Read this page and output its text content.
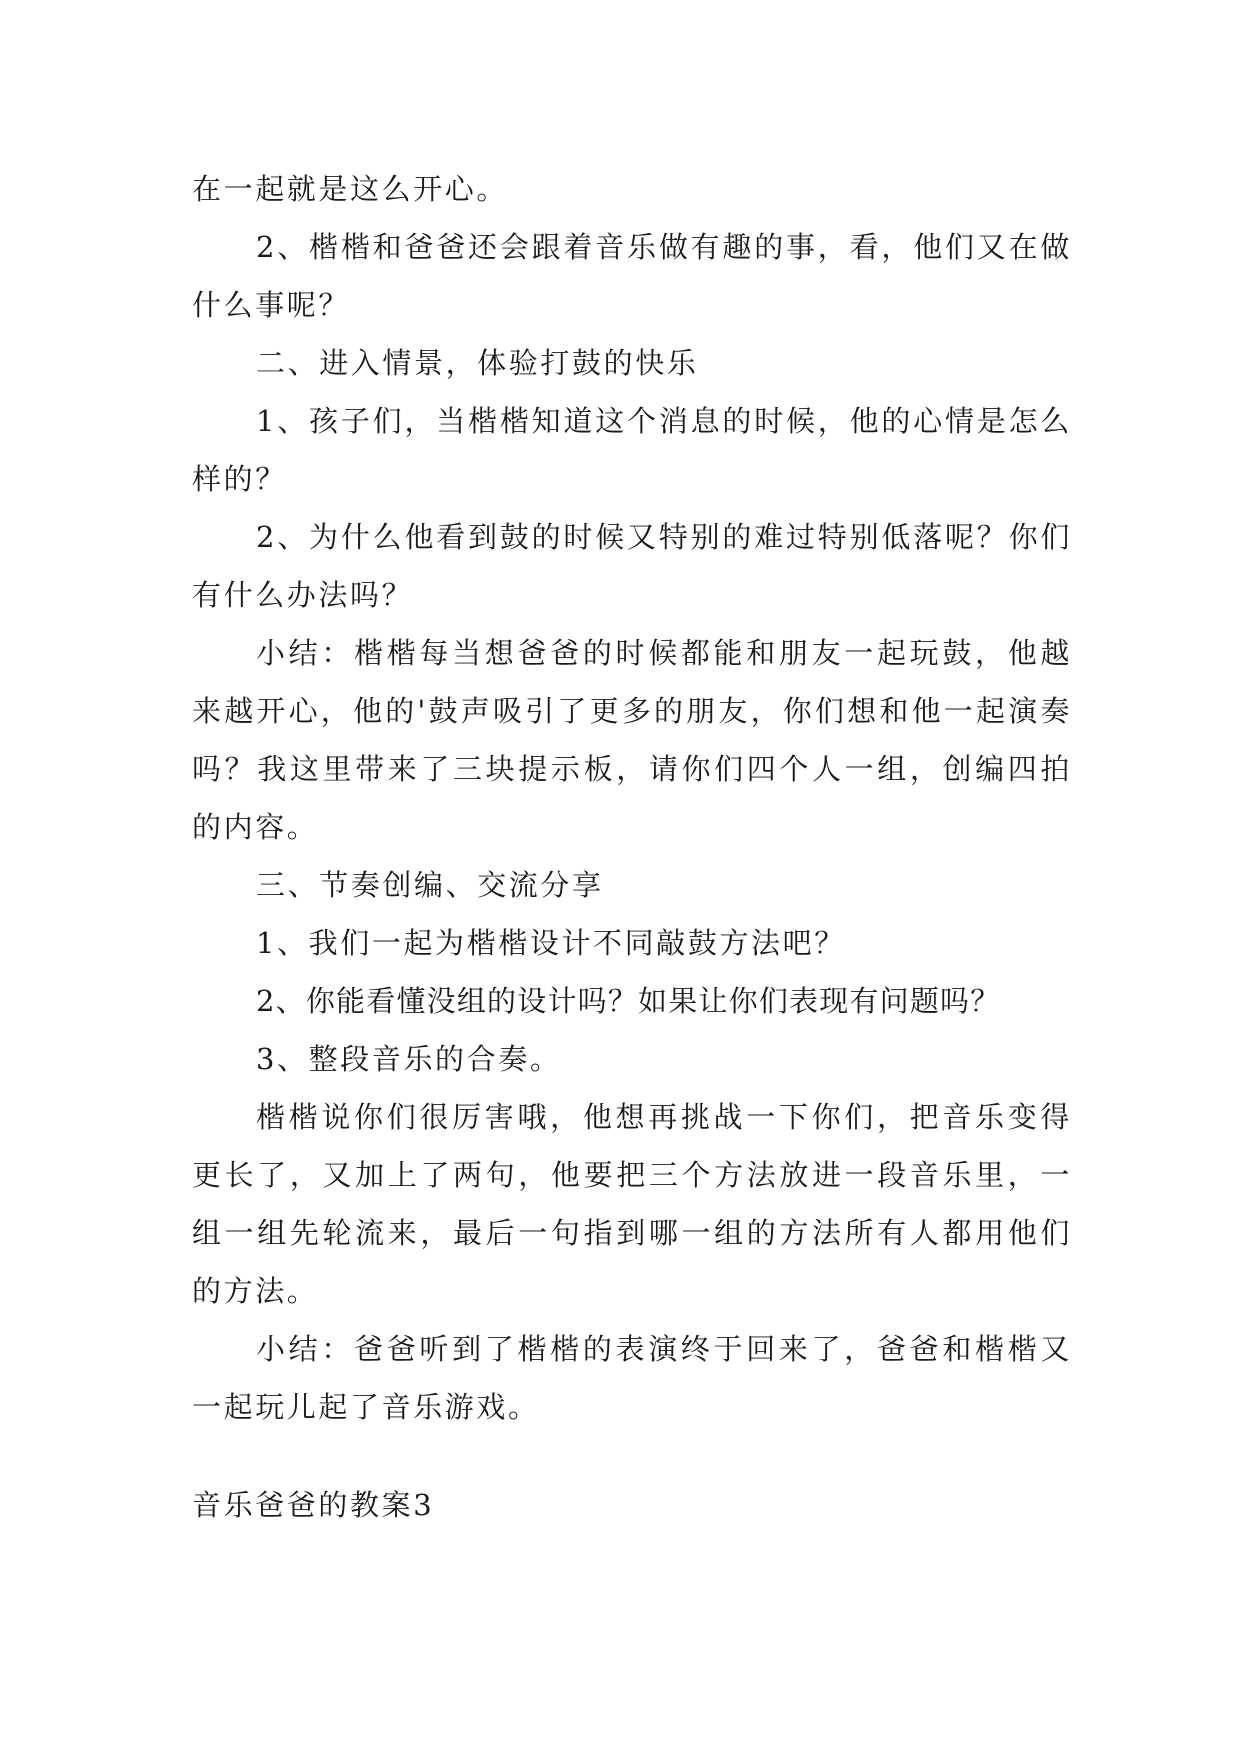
在一起就是这么开心。

2、楷楷和爸爸还会跟着音乐做有趣的事，看，他们又在做什么事呢？

二、进入情景，体验打鼓的快乐

1、孩子们，当楷楷知道这个消息的时候，他的心情是怎么样的？

2、为什么他看到鼓的时候又特别的难过特别低落呢？你们有什么办法吗？

小结：楷楷每当想爸爸的时候都能和朋友一起玩鼓，他越来越开心，他的'鼓声吸引了更多的朋友，你们想和他一起演奏吗？我这里带来了三块提示板，请你们四个人一组，创编四拍的内容。

三、节奏创编、交流分享

1、我们一起为楷楷设计不同敲鼓方法吧？

2、你能看懂没组的设计吗？如果让你们表现有问题吗？

3、整段音乐的合奏。

楷楷说你们很厉害哦，他想再挑战一下你们，把音乐变得更长了，又加上了两句，他要把三个方法放进一段音乐里，一组一组先轮流来，最后一句指到哪一组的方法所有人都用他们的方法。

小结：爸爸听到了楷楷的表演终于回来了，爸爸和楷楷又一起玩儿起了音乐游戏。

音乐爸爸的教案3
